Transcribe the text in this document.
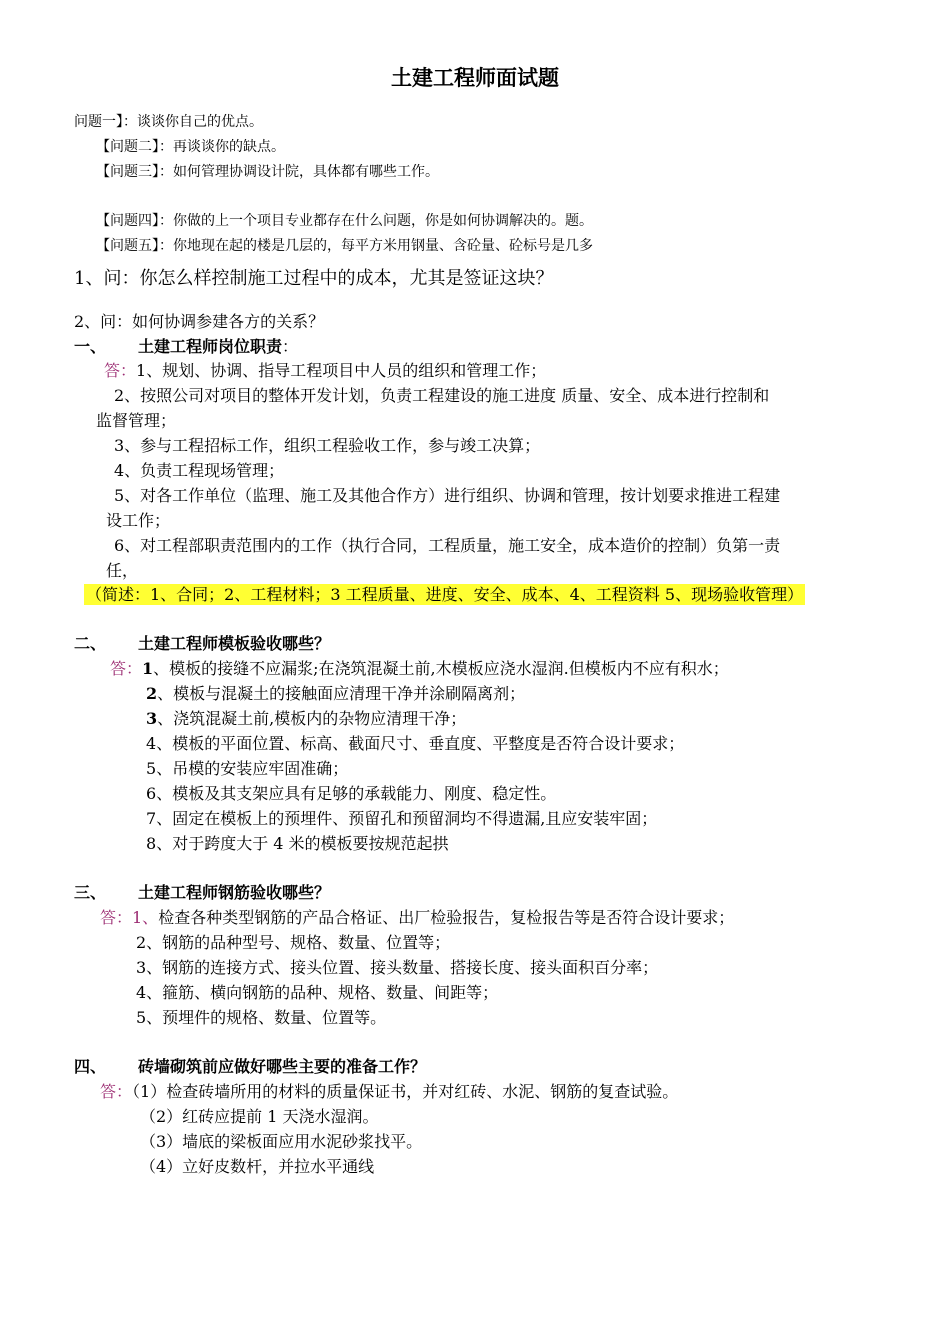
土建工程师面试题
问题一】：谈谈你自己的优点。
【问题二】：再谈谈你的缺点。
【问题三】：如何管理协调设计院，具体都有哪些工作。
【问题四】：你做的上一个项目专业都存在什么问题，你是如何协调解决的。题。
【问题五】：你地现在起的楼是几层的，每平方米用钢量、含砼量、砼标号是几多
1、问：你怎么样控制施工过程中的成本，尤其是签证这块？
2、问：如何协调参建各方的关系？
一、 土建工程师岗位职责：
答：1、规划、协调、指导工程项目中人员的组织和管理工作；
2、按照公司对项目的整体开发计划，负责工程建设的施工进度 质量、安全、成本进行控制和
监督管理；
3、参与工程招标工作，组织工程验收工作，参与竣工决算；
4、负责工程现场管理；
5、对各工作单位（监理、施工及其他合作方）进行组织、协调和管理，按计划要求推进工程建
设工作；
6、对工程部职责范围内的工作（执行合同，工程质量，施工安全，成本造价的控制）负第一责
任，
（简述：1、合同；2、工程材料；3 工程质量、进度、安全、成本、4、工程资料 5、现场验收管理）
二、 土建工程师模板验收哪些？
答：1、模板的接缝不应漏浆;在浇筑混凝土前,木模板应浇水湿润.但模板内不应有积水；
2、模板与混凝土的接触面应清理干净并涂刷隔离剂；
3、浇筑混凝土前,模板内的杂物应清理干净；
4、模板的平面位置、标高、截面尺寸、垂直度、平整度是否符合设计要求；
5、吊模的安装应牢固准确；
6、模板及其支架应具有足够的承载能力、刚度、稳定性。
7、固定在模板上的预埋件、预留孔和预留洞均不得遗漏,且应安装牢固；
8、对于跨度大于 4 米的模板要按规范起拱
三、 土建工程师钢筋验收哪些？
答：1、检查各种类型钢筋的产品合格证、出厂检验报告，复检报告等是否符合设计要求；
2、钢筋的品种型号、规格、数量、位置等；
3、钢筋的连接方式、接头位置、接头数量、搭接长度、接头面积百分率；
4、箍筋、横向钢筋的品种、规格、数量、间距等；
5、预埋件的规格、数量、位置等。
四、 砖墙砌筑前应做好哪些主要的准备工作？
答：（1）检查砖墙所用的材料的质量保证书，并对红砖、水泥、钢筋的复查试验。
（2）红砖应提前 1 天浇水湿润。
（3）墙底的梁板面应用水泥砂浆找平。
（4）立好皮数杆，并拉水平通线
